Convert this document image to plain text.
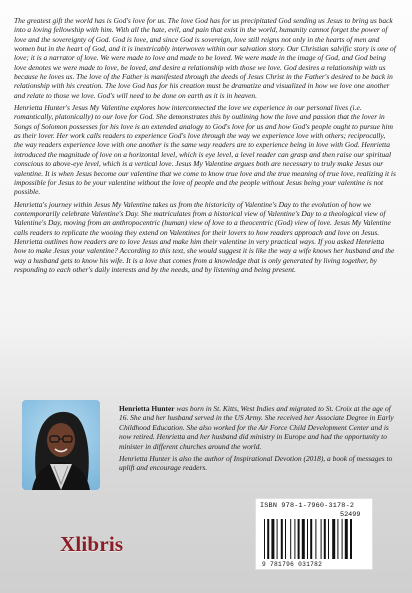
The greatest gift the world has is God's love for us. The love God has for us precipitated God sending us Jesus to bring us back into a loving fellowship with him. With all the hate, evil, and pain that exist in the world, humanity cannot forget the power of love and the sovereignty of God. God is love, and since God is sovereign, love still reigns not only in the hearts of men and women but in the heart of God, and it is inextricably interwoven within our salvation story. Our Christian salvific story is one of love; it is a narrator of love. We were made to love and made to be loved. We were made in the image of God, and God being love denotes we were made to love, be loved, and desire a relationship with those we love. God desires a relationship with us because he loves us. The love of the Father is manifested through the deeds of Jesus Christ in the Father's desired to be back in relationship with his creation. The love God has for his creation must be dramatize and visualized in how we love one another and relate to those we love. God's will need to be done on earth as it is in heaven.

Henrietta Hunter's Jesus My Valentine explores how interconnected the love we experience in our personal lives (i.e. romantically, platonically) to our love for God. She demonstrates this by outlining how the love and passion that the lover in Songs of Solomon possesses for his love is an extended analogy to God's love for us and how God's people ought to pursue him as their lover. Her work calls readers to experience God's love through the way we experience love with others; reciprocally, the way readers experience love with one another is the same way readers are to experience being in love with God. Henrietta introduced the magnitude of love on a horizontal level, which is eye level, a level reader can grasp and then raise our spiritual conscious to above-eye level, which is a vertical love. Jesus My Valentine argues both are necessary to truly make Jesus our valentine. It is when Jesus become our valentine that we come to know true love and the true meaning of true love, realizing it is impossible for Jesus to be your valentine without the love of people and the people without Jesus being your valentine is not possible.

Henrietta's journey within Jesus My Valentine takes us from the historicity of Valentine's Day to the evolution of how we contemporarily celebrate Valentine's Day. She matriculates from a historical view of Valentine's Day to a theological view of Valentine's Day, moving from an anthropocentric (human) view of love to a theocentric (God) view of love. Jesus My Valentine calls readers to replicate the wooing they extend on Valentines for their lovers to how readers approach and love on Jesus. Henrietta outlines how readers are to love Jesus and make him their valentine in very practical ways. If you asked Henrietta how to make Jesus your valentine? According to this text, she would suggest it is like the way a wife knows her husband and the way a husband gets to know his wife. It is a love that comes from a knowledge that is only generated by living together, by responding to each other's daily interests and by the needs, and by listening and being present.

Henrietta Hunter was born in St. Kitts, West Indies and migrated to St. Croix at the age of 16. She and her husband served in the US Army. She received her Associate Degree in Early Childhood Education. She also worked for the Air Force Child Development Center and is now retired. Henrietta and her husband did ministry in Europe and had the opportunity to minister in different churches around the world.

Henrietta Hunter is also the author of Inspirational Devotion (2018), a book of messages to uplift and encourage readers.

Xlibris
ISBN 978-1-7960-3178-2
52499
9 781796 031782
